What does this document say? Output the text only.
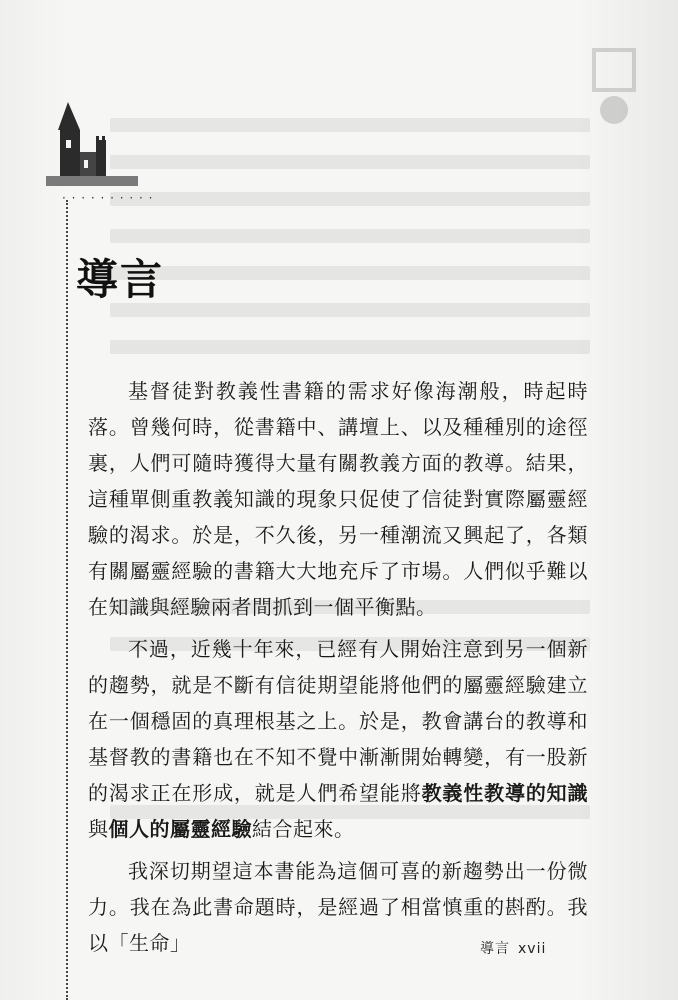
· · · · · · · · · ·
導言

基督徒對教義性書籍的需求好像海潮般，時起時落。曾幾何時，從書籍中、講壇上、以及種種別的途徑裏，人們可隨時獲得大量有關教義方面的教導。結果，這種單側重教義知識的現象只促使了信徒對實際屬靈經驗的渴求。於是，不久後，另一種潮流又興起了，各類有關屬靈經驗的書籍大大地充斥了市場。人們似乎難以在知識與經驗兩者間抓到一個平衡點。

不過，近幾十年來，已經有人開始注意到另一個新的趨勢，就是不斷有信徒期望能將他們的屬靈經驗建立在一個穩固的真理根基之上。於是，教會講台的教導和基督教的書籍也在不知不覺中漸漸開始轉變，有一股新的渴求正在形成，就是人們希望能將教義性教導的知識與個人的屬靈經驗結合起來。

我深切期望這本書能為這個可喜的新趨勢出一份微力。我在為此書命題時，是經過了相當慎重的斟酌。我以「生命」	導言 xvii
